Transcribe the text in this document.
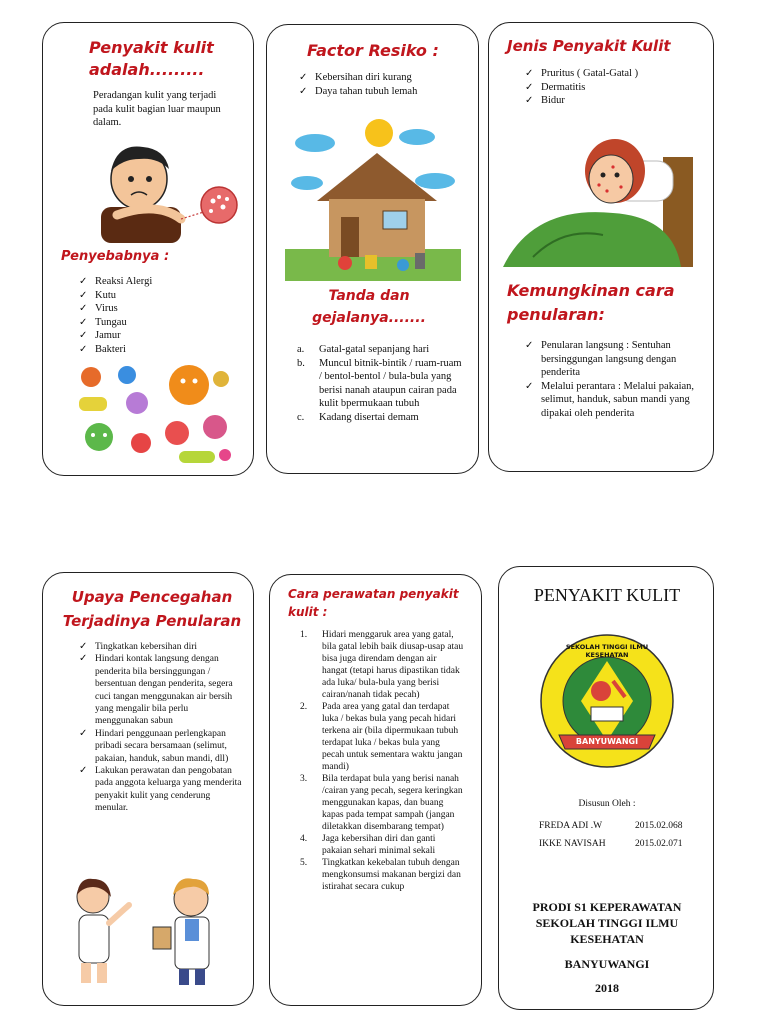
Penyakit kulit adalah.........
Peradangan kulit yang terjadi pada kulit bagian luar maupun dalam.
Penyebabnya :
✓ Reaksi Alergi
✓ Kutu
✓ Virus
✓ Tungau
✓ Jamur
✓ Bakteri
Factor Resiko :
✓ Kebersihan diri kurang
✓ Daya tahan tubuh lemah
Tanda dan gejalanya.......
a. Gatal-gatal sepanjang hari
b. Muncul bitnik-bintik / ruam-ruam / bentol-bentol / bula-bula yang berisi nanah ataupun cairan pada kulit bpermukaan tubuh
c. Kadang disertai demam
Jenis Penyakit Kulit
✓ Pruritus ( Gatal-Gatal )
✓ Dermatitis
✓ Bidur
Kemungkinan cara penularan:
✓ Penularan langsung : Sentuhan bersinggungan langsung dengan penderita
✓ Melalui perantara : Melalui pakaian, selimut, handuk, sabun mandi yang dipakai oleh penderita
Upaya Pencegahan Terjadinya Penularan
✓ Tingkatkan kebersihan diri
✓ Hindari kontak langsung dengan penderita bila bersinggungan / bersentuan dengan penderita, segera cuci tangan menggunakan air bersih yang mengalir bila perlu menggunakan sabun
✓ Hindari penggunaan perlengkapan pribadi secara bersamaan (selimut, pakaian, handuk, sabun mandi, dll)
✓ Lakukan perawatan dan pengobatan pada anggota keluarga yang menderita penyakit kulit yang cenderung menular.
Cara perawatan penyakit kulit :
1. Hidari menggaruk area yang gatal, bila gatal lebih baik diusap-usap atau bisa juga direndam dengan air hangat (tetapi harus dipastikan tidak ada luka/ bula-bula yang berisi cairan/nanah tidak pecah)
2. Pada area yang gatal dan terdapat luka / bekas bula yang pecah hidari terkena air (bila dipermukaan tubuh terdapat luka / bekas bula yang pecah untuk sementara waktu jangan mandi)
3. Bila terdapat bula yang berisi nanah /cairan yang pecah, segera keringkan menggunakan kapas, dan buang kapas pada tempat sampah (jangan diletakkan disembarang tempat)
4. Jaga kebersihan diri dan ganti pakaian sehari minimal sekali
5. Tingkatkan kekebalan tubuh dengan mengkonsumsi makanan bergizi dan istirahat secara cukup
PENYAKIT KULIT
SEKOLAH TINGGI ILMU KESEHATAN
BANYUWANGI
Disusun Oleh :
FREDA ADI .W	2015.02.068
IKKE NAVISAH	2015.02.071
PRODI S1 KEPERAWATAN
SEKOLAH TINGGI ILMU
KESEHATAN
BANYUWANGI
2018
